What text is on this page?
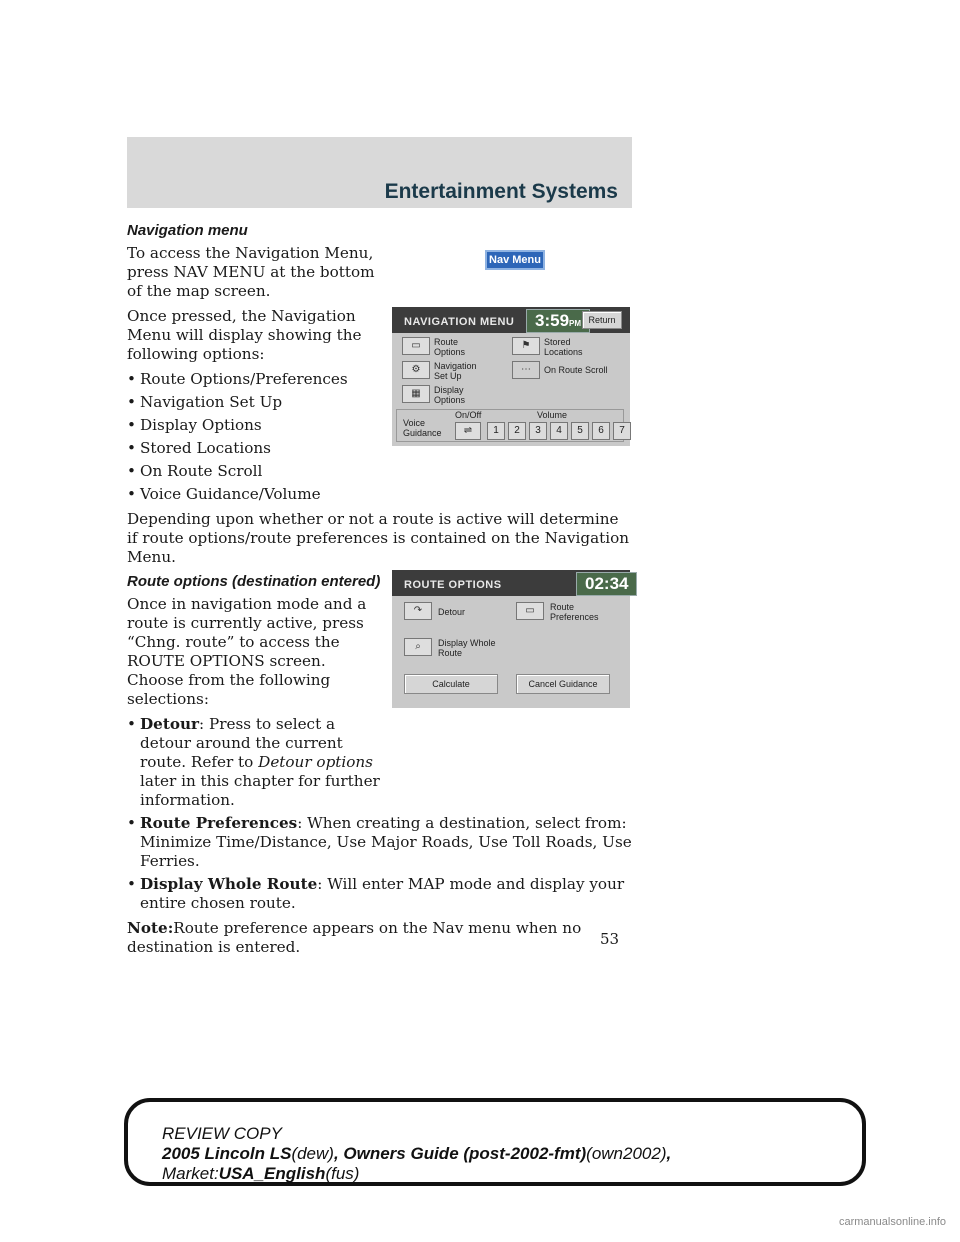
Entertainment Systems
Navigation menu

To access the Navigation Menu, press NAV MENU at the bottom of the map screen.

Once pressed, the Navigation Menu will display showing the following options:

• Route Options/Preferences
• Navigation Set Up
• Display Options
• Stored Locations
• On Route Scroll
• Voice Guidance/Volume

Depending upon whether or not a route is active will determine if route options/route preferences is contained on the Navigation Menu.

Route options (destination entered)

Once in navigation mode and a route is currently active, press “Chng. route” to access the ROUTE OPTIONS screen. Choose from the following selections:

• Detour: Press to select a detour around the current route. Refer to Detour options later in this chapter for further information.
• Route Preferences: When creating a destination, select from: Minimize Time/Distance, Use Major Roads, Use Toll Roads, Use Ferries.
• Display Whole Route: Will enter MAP mode and display your entire chosen route.

Note:Route preference appears on the Nav menu when no destination is entered.

Nav Menu
NAVIGATION MENU	3:59PM Return
▭	Route Options
⚙	Navigation Set Up
▦	Display Options
⚑	Stored Locations
⋯	On Route Scroll
Voice Guidance
On/Off	Volume
⇌	1	2	3	4	5	6	7
ROUTE OPTIONS	02:34
↷	Detour	▭	Route Preferences
⌕	Display Whole Route
Calculate	Cancel Guidance
53
REVIEW COPY
2005 Lincoln LS(dew), Owners Guide (post-2002-fmt)(own2002),
Market:USA_English(fus)
carmanualsonline.info
